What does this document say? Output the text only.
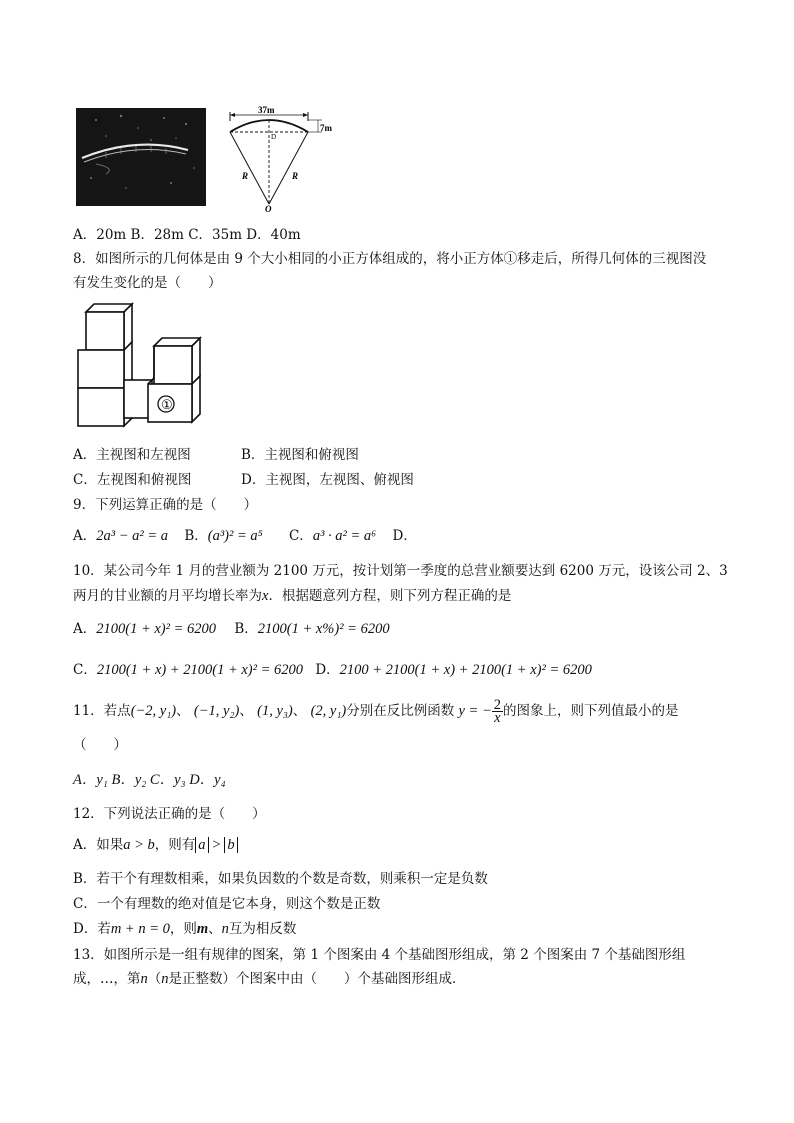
37m
7m
D
R	R
O
A．20m B．28m C．35m D．40m
8．如图所示的几何体是由 9 个大小相同的小正方体组成的，将小正方体①移走后，所得几何体的三视图没
有发生变化的是（　　）
①
A．主视图和左视图	B．主视图和俯视图
C．左视图和俯视图	D．主视图，左视图、俯视图
9．下列运算正确的是（　　）
A．2a³ − a² = a B．(a³)² = a⁵ C．a³ · a² = a⁶ D．
10．某公司今年 1 月的营业额为 2100 万元，按计划第一季度的总营业额要达到 6200 万元，设该公司 2、3
两月的甘业额的月平均增长率为x．根据题意列方程，则下列方程正确的是
A．2100(1 + x)² = 6200 B．2100(1 + x%)² = 6200
C．2100(1 + x) + 2100(1 + x)² = 6200 D．2100 + 2100(1 + x) + 2100(1 + x)² = 6200
11．若点(−2, y₁)、 (−1, y₂)、 (1, y₃)、 (2, y₁)分别在反比例函数 y = − $\frac{2}{x}$ 的图象上，则下列值最小的是
（　　）
A．y₁ B．y₂ C．y₃ D．y₄
12．下列说法正确的是（　　）
A．如果a > b，则有 a > b
B．若干个有理数相乘，如果负因数的个数是奇数，则乘积一定是负数
C．一个有理数的绝对值是它本身，则这个数是正数
D．若m + n = 0，则m、n互为相反数
13．如图所示是一组有规律的图案，第 1 个图案由 4 个基础图形组成，第 2 个图案由 7 个基础图形组
成，…，第n（n是正整数）个图案中由（　　）个基础图形组成．
